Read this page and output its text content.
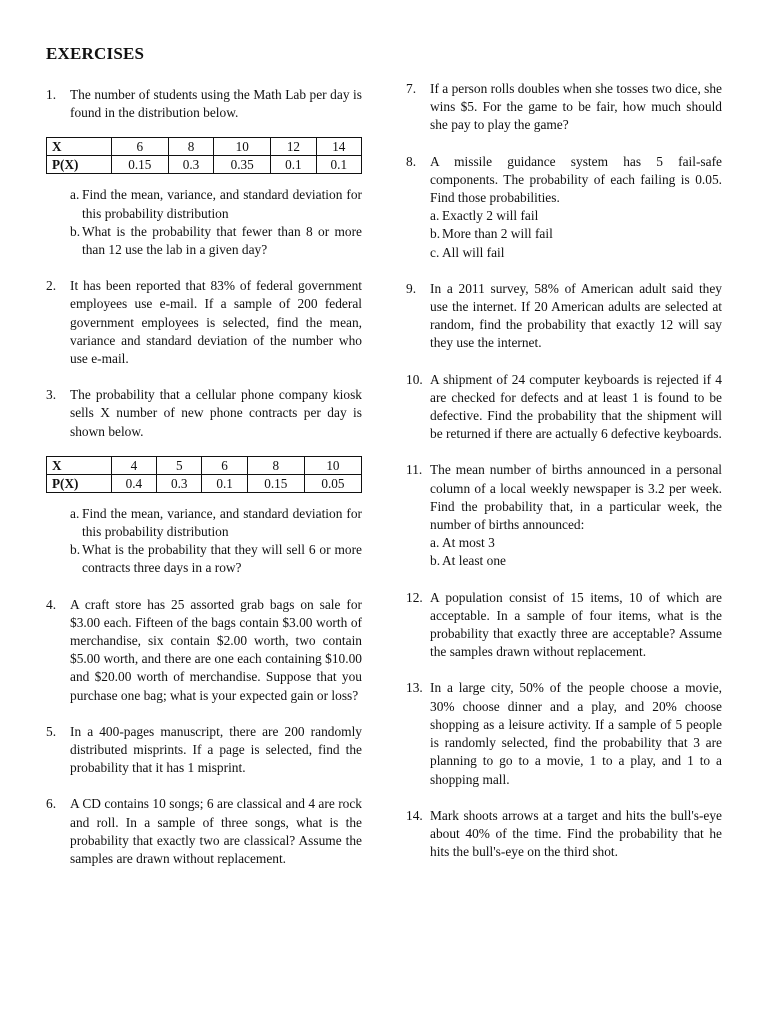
EXERCISES
1. The number of students using the Math Lab per day is found in the distribution below.
X	6	8	10	12	14
P(X)	0.15	0.3	0.35	0.1	0.1
a. Find the mean, variance, and standard deviation for this probability distribution
b. What is the probability that fewer than 8 or more than 12 use the lab in a given day?
2. It has been reported that 83% of federal government employees use e-mail. If a sample of 200 federal government employees is selected, find the mean, variance and standard deviation of the number who use e-mail.
3. The probability that a cellular phone company kiosk sells X number of new phone contracts per day is shown below.
X	4	5	6	8	10
P(X)	0.4	0.3	0.1	0.15	0.05
a. Find the mean, variance, and standard deviation for this probability distribution
b. What is the probability that they will sell 6 or more contracts three days in a row?
4. A craft store has 25 assorted grab bags on sale for $3.00 each. Fifteen of the bags contain $3.00 worth of merchandise, six contain $2.00 worth, two contain $5.00 worth, and there are one each containing $10.00 and $20.00 worth of merchandise. Suppose that you purchase one bag; what is your expected gain or loss?
5. In a 400-pages manuscript, there are 200 randomly distributed misprints. If a page is selected, find the probability that it has 1 misprint.
6. A CD contains 10 songs; 6 are classical and 4 are rock and roll. In a sample of three songs, what is the probability that exactly two are classical? Assume the samples are drawn without replacement.
7. If a person rolls doubles when she tosses two dice, she wins $5. For the game to be fair, how much should she pay to play the game?
8. A missile guidance system has 5 fail-safe components. The probability of each failing is 0.05. Find those probabilities.
a. Exactly 2 will fail
b. More than 2 will fail
c. All will fail
9. In a 2011 survey, 58% of American adult said they use the internet. If 20 American adults are selected at random, find the probability that exactly 12 will say they use the internet.
10. A shipment of 24 computer keyboards is rejected if 4 are checked for defects and at least 1 is found to be defective. Find the probability that the shipment will be returned if there are actually 6 defective keyboards.
11. The mean number of births announced in a personal column of a local weekly newspaper is 3.2 per week. Find the probability that, in a particular week, the number of births announced:
a. At most 3
b. At least one
12. A population consist of 15 items, 10 of which are acceptable. In a sample of four items, what is the probability that exactly three are acceptable? Assume the samples drawn without replacement.
13. In a large city, 50% of the people choose a movie, 30% choose dinner and a play, and 20% choose shopping as a leisure activity. If a sample of 5 people is randomly selected, find the probability that 3 are planning to go to a movie, 1 to a play, and 1 to a shopping mall.
14. Mark shoots arrows at a target and hits the bull's-eye about 40% of the time. Find the probability that he hits the bull's-eye on the third shot.
